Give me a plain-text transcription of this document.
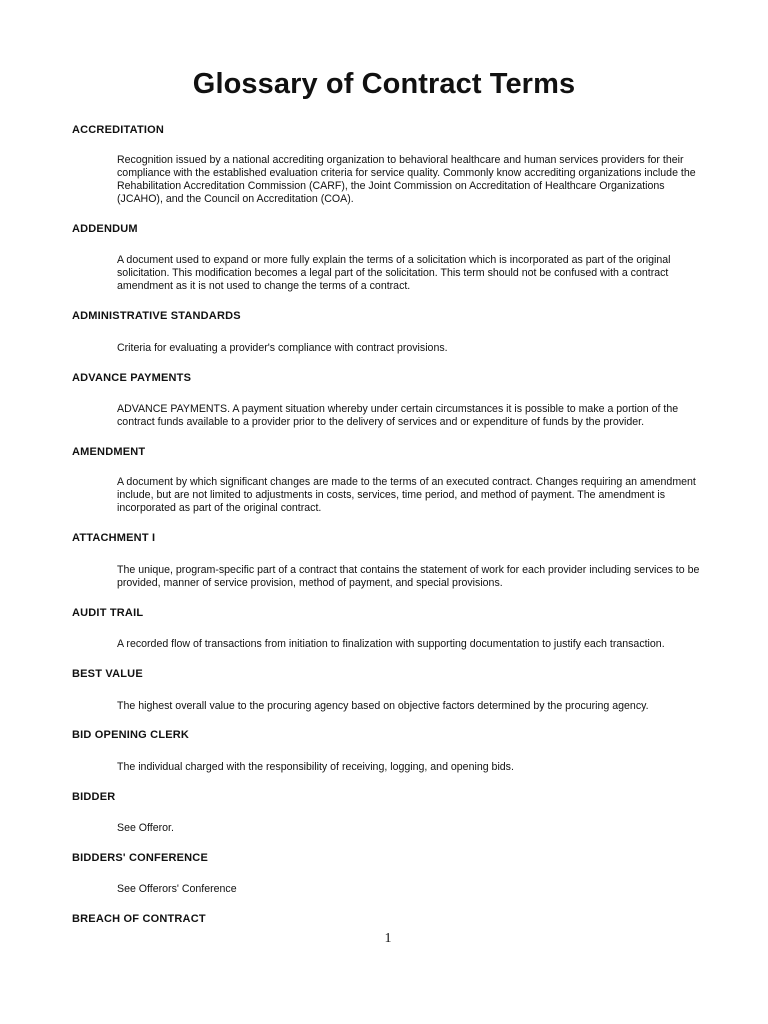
Glossary of Contract Terms

ACCREDITATION

Recognition issued by a national accrediting organization to behavioral healthcare and human services providers for their compliance with the established evaluation criteria for service quality. Commonly know accrediting organizations include the Rehabilitation Accreditation Commission (CARF), the Joint Commission on Accreditation of Healthcare Organizations (JCAHO), and the Council on Accreditation (COA).

ADDENDUM

A document used to expand or more fully explain the terms of a solicitation which is incorporated as part of the original solicitation. This modification becomes a legal part of the solicitation. This term should not be confused with a contract amendment as it is not used to change the terms of a contract.

ADMINISTRATIVE STANDARDS

Criteria for evaluating a provider's compliance with contract provisions.

ADVANCE PAYMENTS

ADVANCE PAYMENTS. A payment situation whereby under certain circumstances it is possible to make a portion of the contract funds available to a provider prior to the delivery of services and or expenditure of funds by the provider.

AMENDMENT

A document by which significant changes are made to the terms of an executed contract. Changes requiring an amendment include, but are not limited to adjustments in costs, services, time period, and method of payment. The amendment is incorporated as part of the original contract.

ATTACHMENT I

The unique, program-specific part of a contract that contains the statement of work for each provider including services to be provided, manner of service provision, method of payment, and special provisions.

AUDIT TRAIL

A recorded flow of transactions from initiation to finalization with supporting documentation to justify each transaction.

BEST VALUE

The highest overall value to the procuring agency based on objective factors determined by the procuring agency.

BID OPENING CLERK

The individual charged with the responsibility of receiving, logging, and opening bids.

BIDDER

See Offeror.

BIDDERS' CONFERENCE

See Offerors' Conference

BREACH OF CONTRACT

1
